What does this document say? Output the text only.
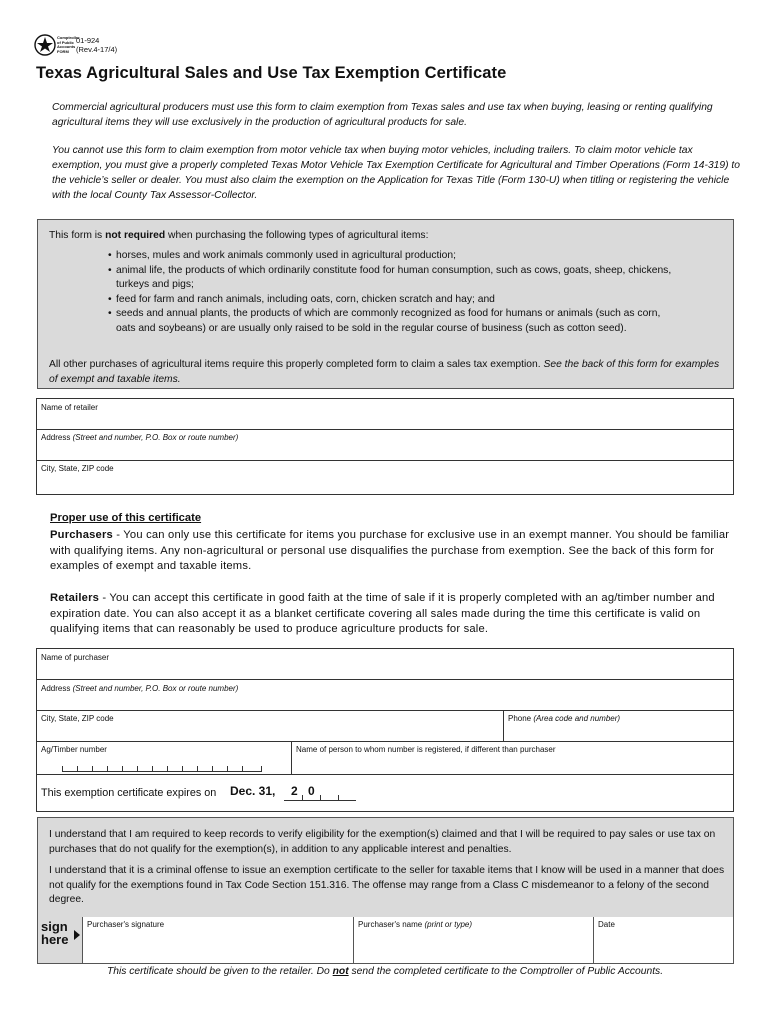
Comptroller
of Public
Accounts
FORM
01-924
(Rev.4-17/4)
Texas Agricultural Sales and Use Tax Exemption Certificate
Commercial agricultural producers must use this form to claim exemption from Texas sales and use tax when buying, leasing or renting qualifying agricultural items they will use exclusively in the production of agricultural products for sale.
You cannot use this form to claim exemption from motor vehicle tax when buying motor vehicles, including trailers. To claim motor vehicle tax exemption, you must give a properly completed Texas Motor Vehicle Tax Exemption Certificate for Agricultural and Timber Operations (Form 14-319) to the vehicle’s seller or dealer. You must also claim the exemption on the Application for Texas Title (Form 130-U) when titling or registering the vehicle with the local County Tax Assessor-Collector.

This form is not required when purchasing the following types of agricultural items:

• horses, mules and work animals commonly used in agricultural production;
• animal life, the products of which ordinarily constitute food for human consumption, such as cows, goats, sheep, chickens, turkeys and pigs;
• feed for farm and ranch animals, including oats, corn, chicken scratch and hay; and
• seeds and annual plants, the products of which are commonly recognized as food for humans or animals (such as corn, oats and soybeans) or are usually only raised to be sold in the regular course of business (such as cotton seed).

All other purchases of agricultural items require this properly completed form to claim a sales tax exemption. See the back of this form for examples of exempt and taxable items.

Name of retailer
Address (Street and number, P.O. Box or route number)
City, State, ZIP code
Proper use of this certificate
Purchasers - You can only use this certificate for items you purchase for exclusive use in an exempt manner. You should be familiar with qualifying items. Any non-agricultural or personal use disqualifies the purchase from exemption. See the back of this form for examples of exempt and taxable items.
Retailers - You can accept this certificate in good faith at the time of sale if it is properly completed with an ag/timber number and expiration date. You can also accept it as a blanket certificate covering all sales made during the time this certificate is valid on qualifying items that can reasonably be used to produce agriculture products for sale.
Name of purchaser
Address (Street and number, P.O. Box or route number)
City, State, ZIP code	Phone (Area code and number)
Ag/Timber number	Name of person to whom number is registered, if different than purchaser
This exemption certificate expires on Dec. 31, 2 0

I understand that I am required to keep records to verify eligibility for the exemption(s) claimed and that I will be required to pay sales or use tax on purchases that do not qualify for the exemption(s), in addition to any applicable interest and penalties.

I understand that it is a criminal offense to issue an exemption certificate to the seller for taxable items that I know will be used in a manner that does not qualify for the exemptions found in Tax Code Section 151.316. The offense may range from a Class C misdemeanor to a felony of the second degree.

sign
here
Purchaser's signature	Purchaser's name (print or type)	Date
This certificate should be given to the retailer. Do not send the completed certificate to the Comptroller of Public Accounts.
